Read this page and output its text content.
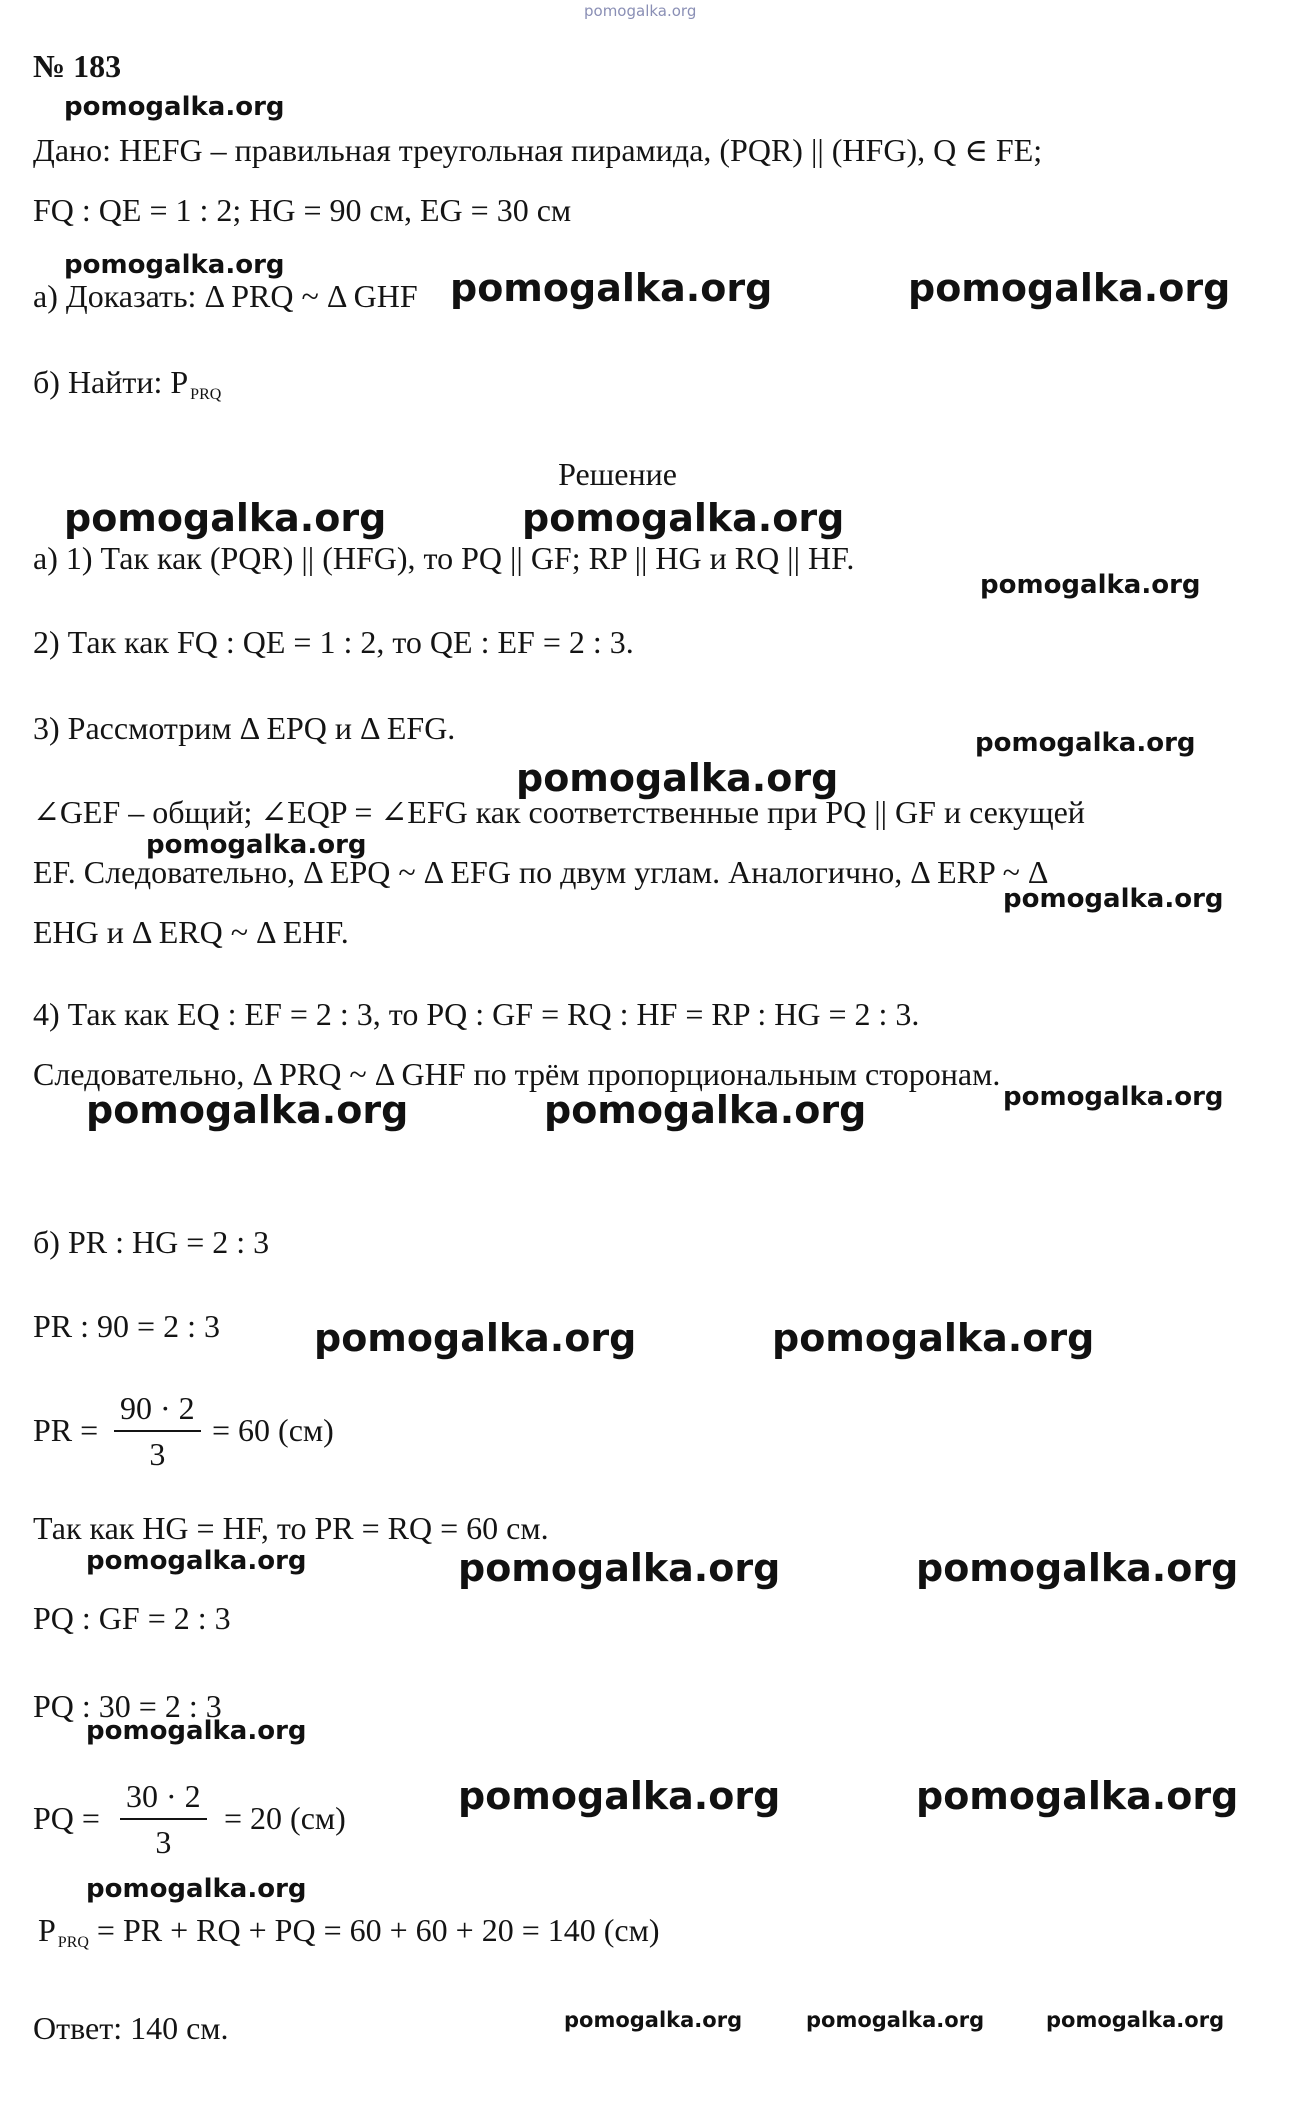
pomogalka.org
№ 183
pomogalka.org
Дано: HEFG – правильная треугольная пирамида, (PQR) || (HFG), Q ∈ FE;
FQ : QE = 1 : 2; HG = 90 см, EG = 30 см
pomogalka.org
а) Доказать: Δ PRQ ~ Δ GHF pomogalka.org	pomogalka.org
б) Найти: P $_{PRQ}$
Решение
pomogalka.org	pomogalka.org
а) 1) Так как (PQR) || (HFG), то PQ || GF; RP || HG и RQ || HF.
pomogalka.org
2) Так как FQ : QE = 1 : 2, то QE : EF = 2 : 3.
3) Рассмотрим Δ EPQ и Δ EFG.	pomogalka.org
pomogalka.org
∠GEF – общий; ∠EQP = ∠EFG как соответственные при PQ || GF и секущей
pomogalka.org
EF. Следовательно, Δ EPQ ~ Δ EFG по двум углам. Аналогично, Δ ERP ~ Δ
pomogalka.org
EHG и Δ ERQ ~ Δ EHF.
4) Так как EQ : EF = 2 : 3, то PQ : GF = RQ : HF = RP : HG = 2 : 3.
Следовательно, Δ PRQ ~ Δ GHF по трём пропорциональным сторонам.
pomogalka.org
pomogalka.org	pomogalka.org
б) PR : HG = 2 : 3
PR : 90 = 2 : 3 pomogalka.org	pomogalka.org
PR = $\frac{90 \cdot 2}{3} = 60$ (см)
Так как HG = HF, то PR = RQ = 60 см.
pomogalka.org	pomogalka.org	pomogalka.org
PQ : GF = 2 : 3
PQ : 30 = 2 : 3
pomogalka.org
PQ = $\frac{30 \cdot 2}{3} = 20$ (см)	pomogalka.org	pomogalka.org
pomogalka.org
P $_{PRQ}$ = PR + RQ + PQ = 60 + 60 + 20 = 140 (см)
Ответ: 140 см.	pomogalka.org	pomogalka.org	pomogalka.org
